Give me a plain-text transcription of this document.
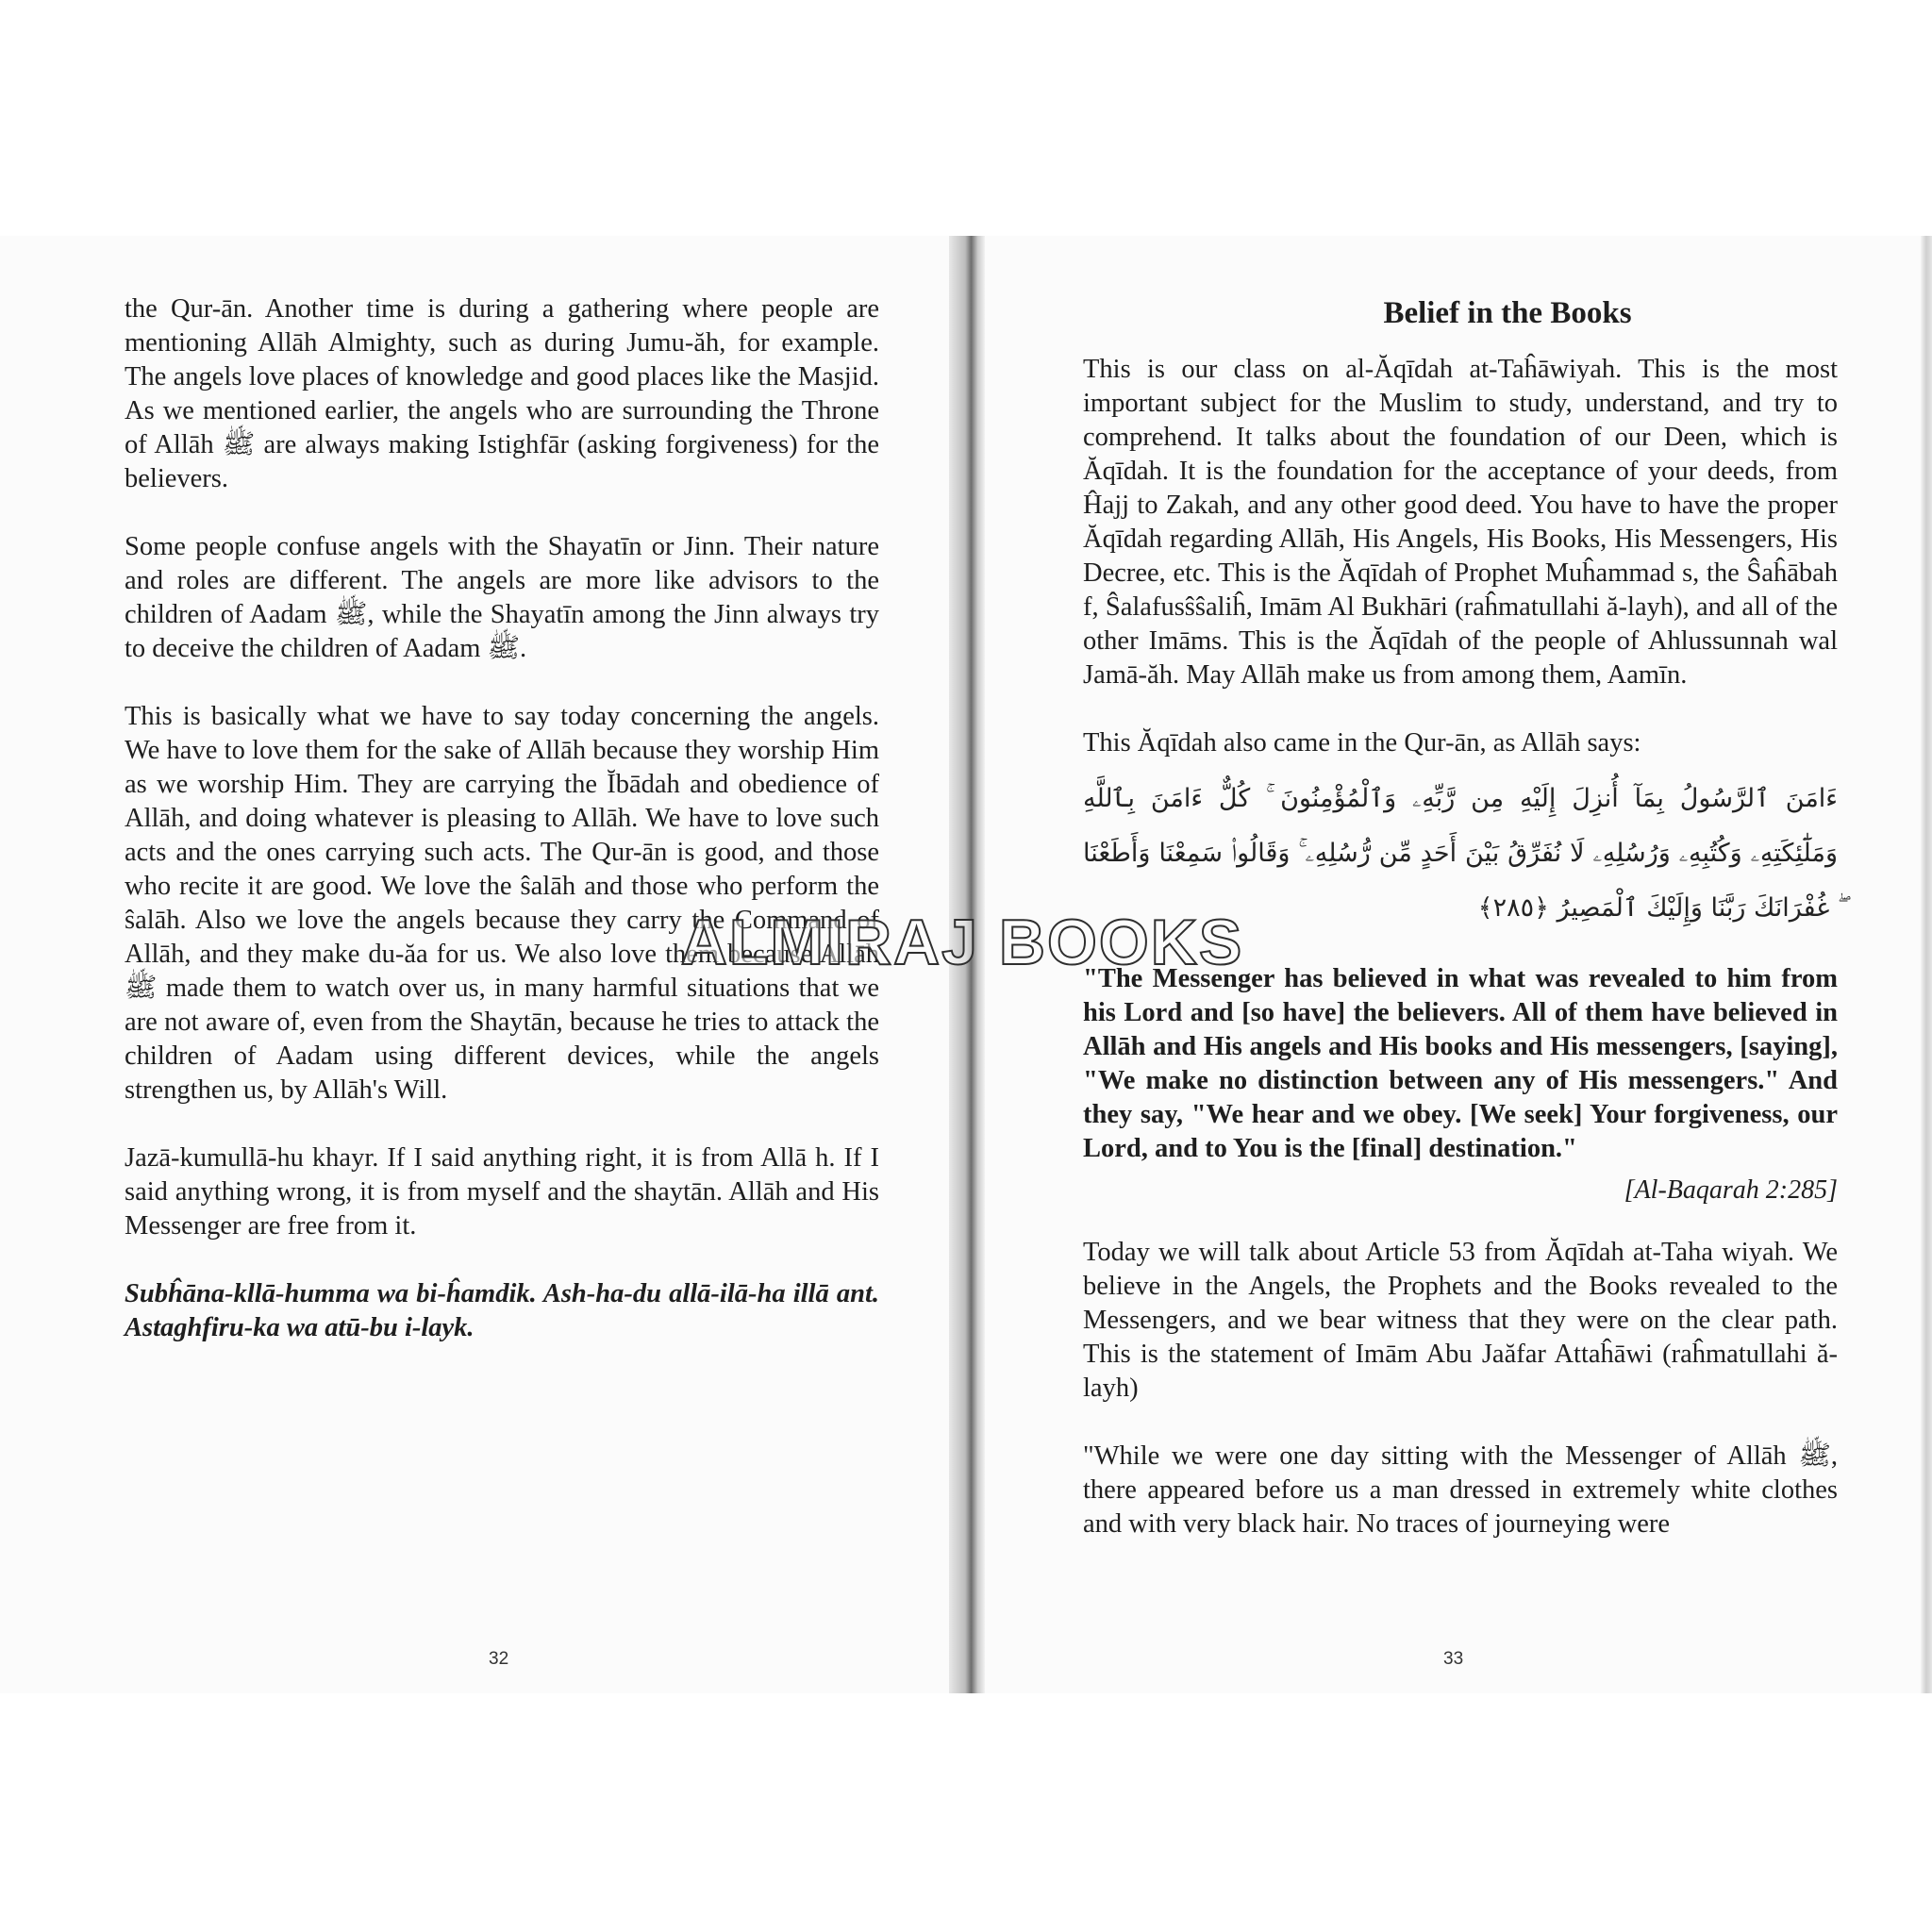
the Qur-ān. Another time is during a gathering where people are mentioning Allāh Almighty, such as during Jumu-ăh, for example. The angels love places of knowledge and good places like the Masjid. As we mentioned earlier, the angels who are surrounding the Throne of Allāh ﷺ are always making Istighfār (asking forgiveness) for the believers.

Some people confuse angels with the Shayatīn or Jinn. Their nature and roles are different. The angels are more like advisors to the children of Aadam ﷺ, while the Shayatīn among the Jinn always try to deceive the children of Aadam ﷺ.

This is basically what we have to say today concerning the angels. We have to love them for the sake of Allāh because they worship Him as we worship Him. They are carrying the Ĭbādah and obedience of Allāh, and doing whatever is pleasing to Allāh. We have to love such acts and the ones carrying such acts. The Qur-ān is good, and those who recite it are good. We love the ŝalāh and those who perform the ŝalāh. Also we love the angels because they carry the Command of Allāh, and they make du-ăa for us. We also love them because Allāh ﷺ made them to watch over us, in many harmful situations that we are not aware of, even from the Shaytān, because he tries to attack the children of Aadam using different devices, while the angels strengthen us, by Allāh's Will.

Jazā-kumullā-hu khayr. If I said anything right, it is from Allā h. If I said anything wrong, it is from myself and the shaytān. Allāh and His Messenger are free from it.

Subĥāna-kllā-humma wa bi-ĥamdik. Ash-ha-du allā-ilā-ha illā ant. Astaghfiru-ka wa atū-bu i-layk.

Belief in the Books

This is our class on al-Ăqīdah at-Taĥāwiyah. This is the most important subject for the Muslim to study, understand, and try to comprehend. It talks about the foundation of our Deen, which is Ăqīdah. It is the foundation for the acceptance of your deeds, from Ĥajj to Zakah, and any other good deed. You have to have the proper Ăqīdah regarding Allāh, His Angels, His Books, His Messengers, His Decree, etc. This is the Ăqīdah of Prophet Muĥammad s, the Ŝaĥābah f, Ŝalafusŝŝaliĥ, Imām Al Bukhāri (raĥmatullahi ă-layh), and all of the other Imāms. This is the Ăqīdah of the people of Ahlussunnah wal Jamā-ăh. May Allāh make us from among them, Aamīn.

This Ăqīdah also came in the Qur-ān, as Allāh says:

ءَامَنَ ٱلرَّسُولُ بِمَآ أُنزِلَ إِلَيْهِ مِن رَّبِّهِۦ وَٱلْمُؤْمِنُونَ ۚ كُلٌّ ءَامَنَ بِٱللَّهِ وَمَلَٰٓئِكَتِهِۦ وَكُتُبِهِۦ وَرُسُلِهِۦ لَا نُفَرِّقُ بَيْنَ أَحَدٍ مِّن رُّسُلِهِۦ ۚ وَقَالُوا۟ سَمِعْنَا وَأَطَعْنَا ۖ غُفْرَانَكَ رَبَّنَا وَإِلَيْكَ ٱلْمَصِيرُ ﴿٢٨٥﴾

"The Messenger has believed in what was revealed to him from his Lord and [so have] the believers. All of them have believed in Allāh and His angels and His books and His messengers, [saying], "We make no distinction between any of His messengers." And they say, "We hear and we obey. [We seek] Your forgiveness, our Lord, and to You is the [final] destination."

[Al-Baqarah 2:285]

Today we will talk about Article 53 from Ăqīdah at-Taha wiyah. We believe in the Angels, the Prophets and the Books revealed to the Messengers, and we bear witness that they were on the clear path. This is the statement of Imām Abu Jaăfar Attaĥāwi (raĥmatullahi ă-layh)

"While we were one day sitting with the Messenger of Allāh ﷺ, there appeared before us a man dressed in extremely white clothes and with very black hair. No traces of journeying were

32	33
ALMIRAJ BOOKS
